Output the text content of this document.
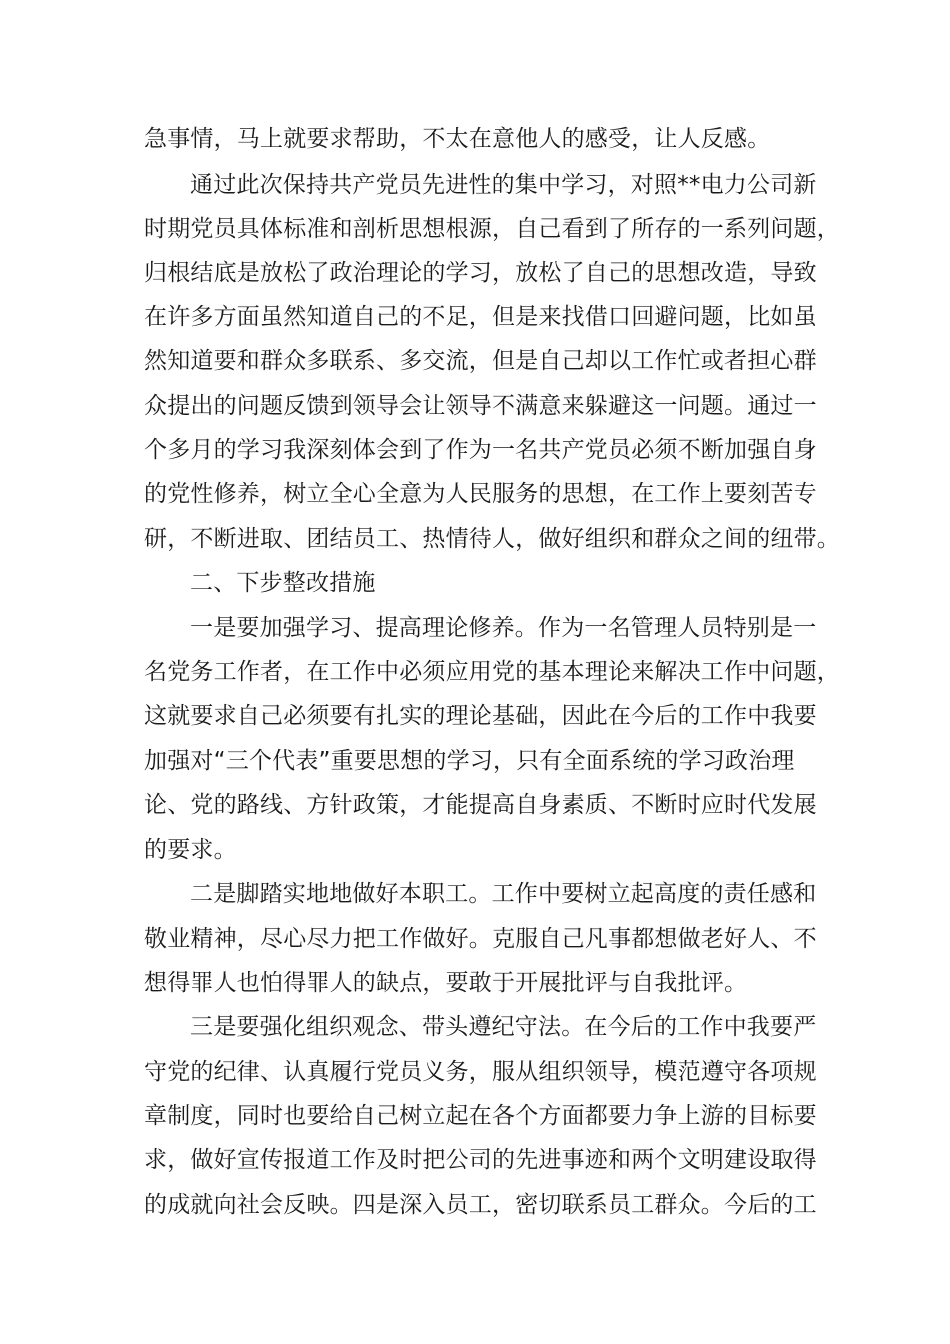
急事情，马上就要求帮助，不太在意他人的感受，让人反感。
通过此次保持共产党员先进性的集中学习，对照**电力公司新
时期党员具体标准和剖析思想根源，自己看到了所存的一系列问题，
归根结底是放松了政治理论的学习，放松了自己的思想改造，导致
在许多方面虽然知道自己的不足，但是来找借口回避问题，比如虽
然知道要和群众多联系、多交流，但是自己却以工作忙或者担心群
众提出的问题反馈到领导会让领导不满意来躲避这一问题。通过一
个多月的学习我深刻体会到了作为一名共产党员必须不断加强自身
的党性修养，树立全心全意为人民服务的思想，在工作上要刻苦专
研，不断进取、团结员工、热情待人，做好组织和群众之间的纽带。
二、下步整改措施
一是要加强学习、提高理论修养。作为一名管理人员特别是一
名党务工作者，在工作中必须应用党的基本理论来解决工作中问题，
这就要求自己必须要有扎实的理论基础，因此在今后的工作中我要
加强对“三个代表”重要思想的学习，只有全面系统的学习政治理
论、党的路线、方针政策，才能提高自身素质、不断时应时代发展
的要求。
二是脚踏实地地做好本职工。工作中要树立起高度的责任感和
敬业精神，尽心尽力把工作做好。克服自己凡事都想做老好人、不
想得罪人也怕得罪人的缺点，要敢于开展批评与自我批评。
三是要强化组织观念、带头遵纪守法。在今后的工作中我要严
守党的纪律、认真履行党员义务，服从组织领导，模范遵守各项规
章制度，同时也要给自己树立起在各个方面都要力争上游的目标要
求，做好宣传报道工作及时把公司的先进事迹和两个文明建设取得
的成就向社会反映。四是深入员工，密切联系员工群众。今后的工
